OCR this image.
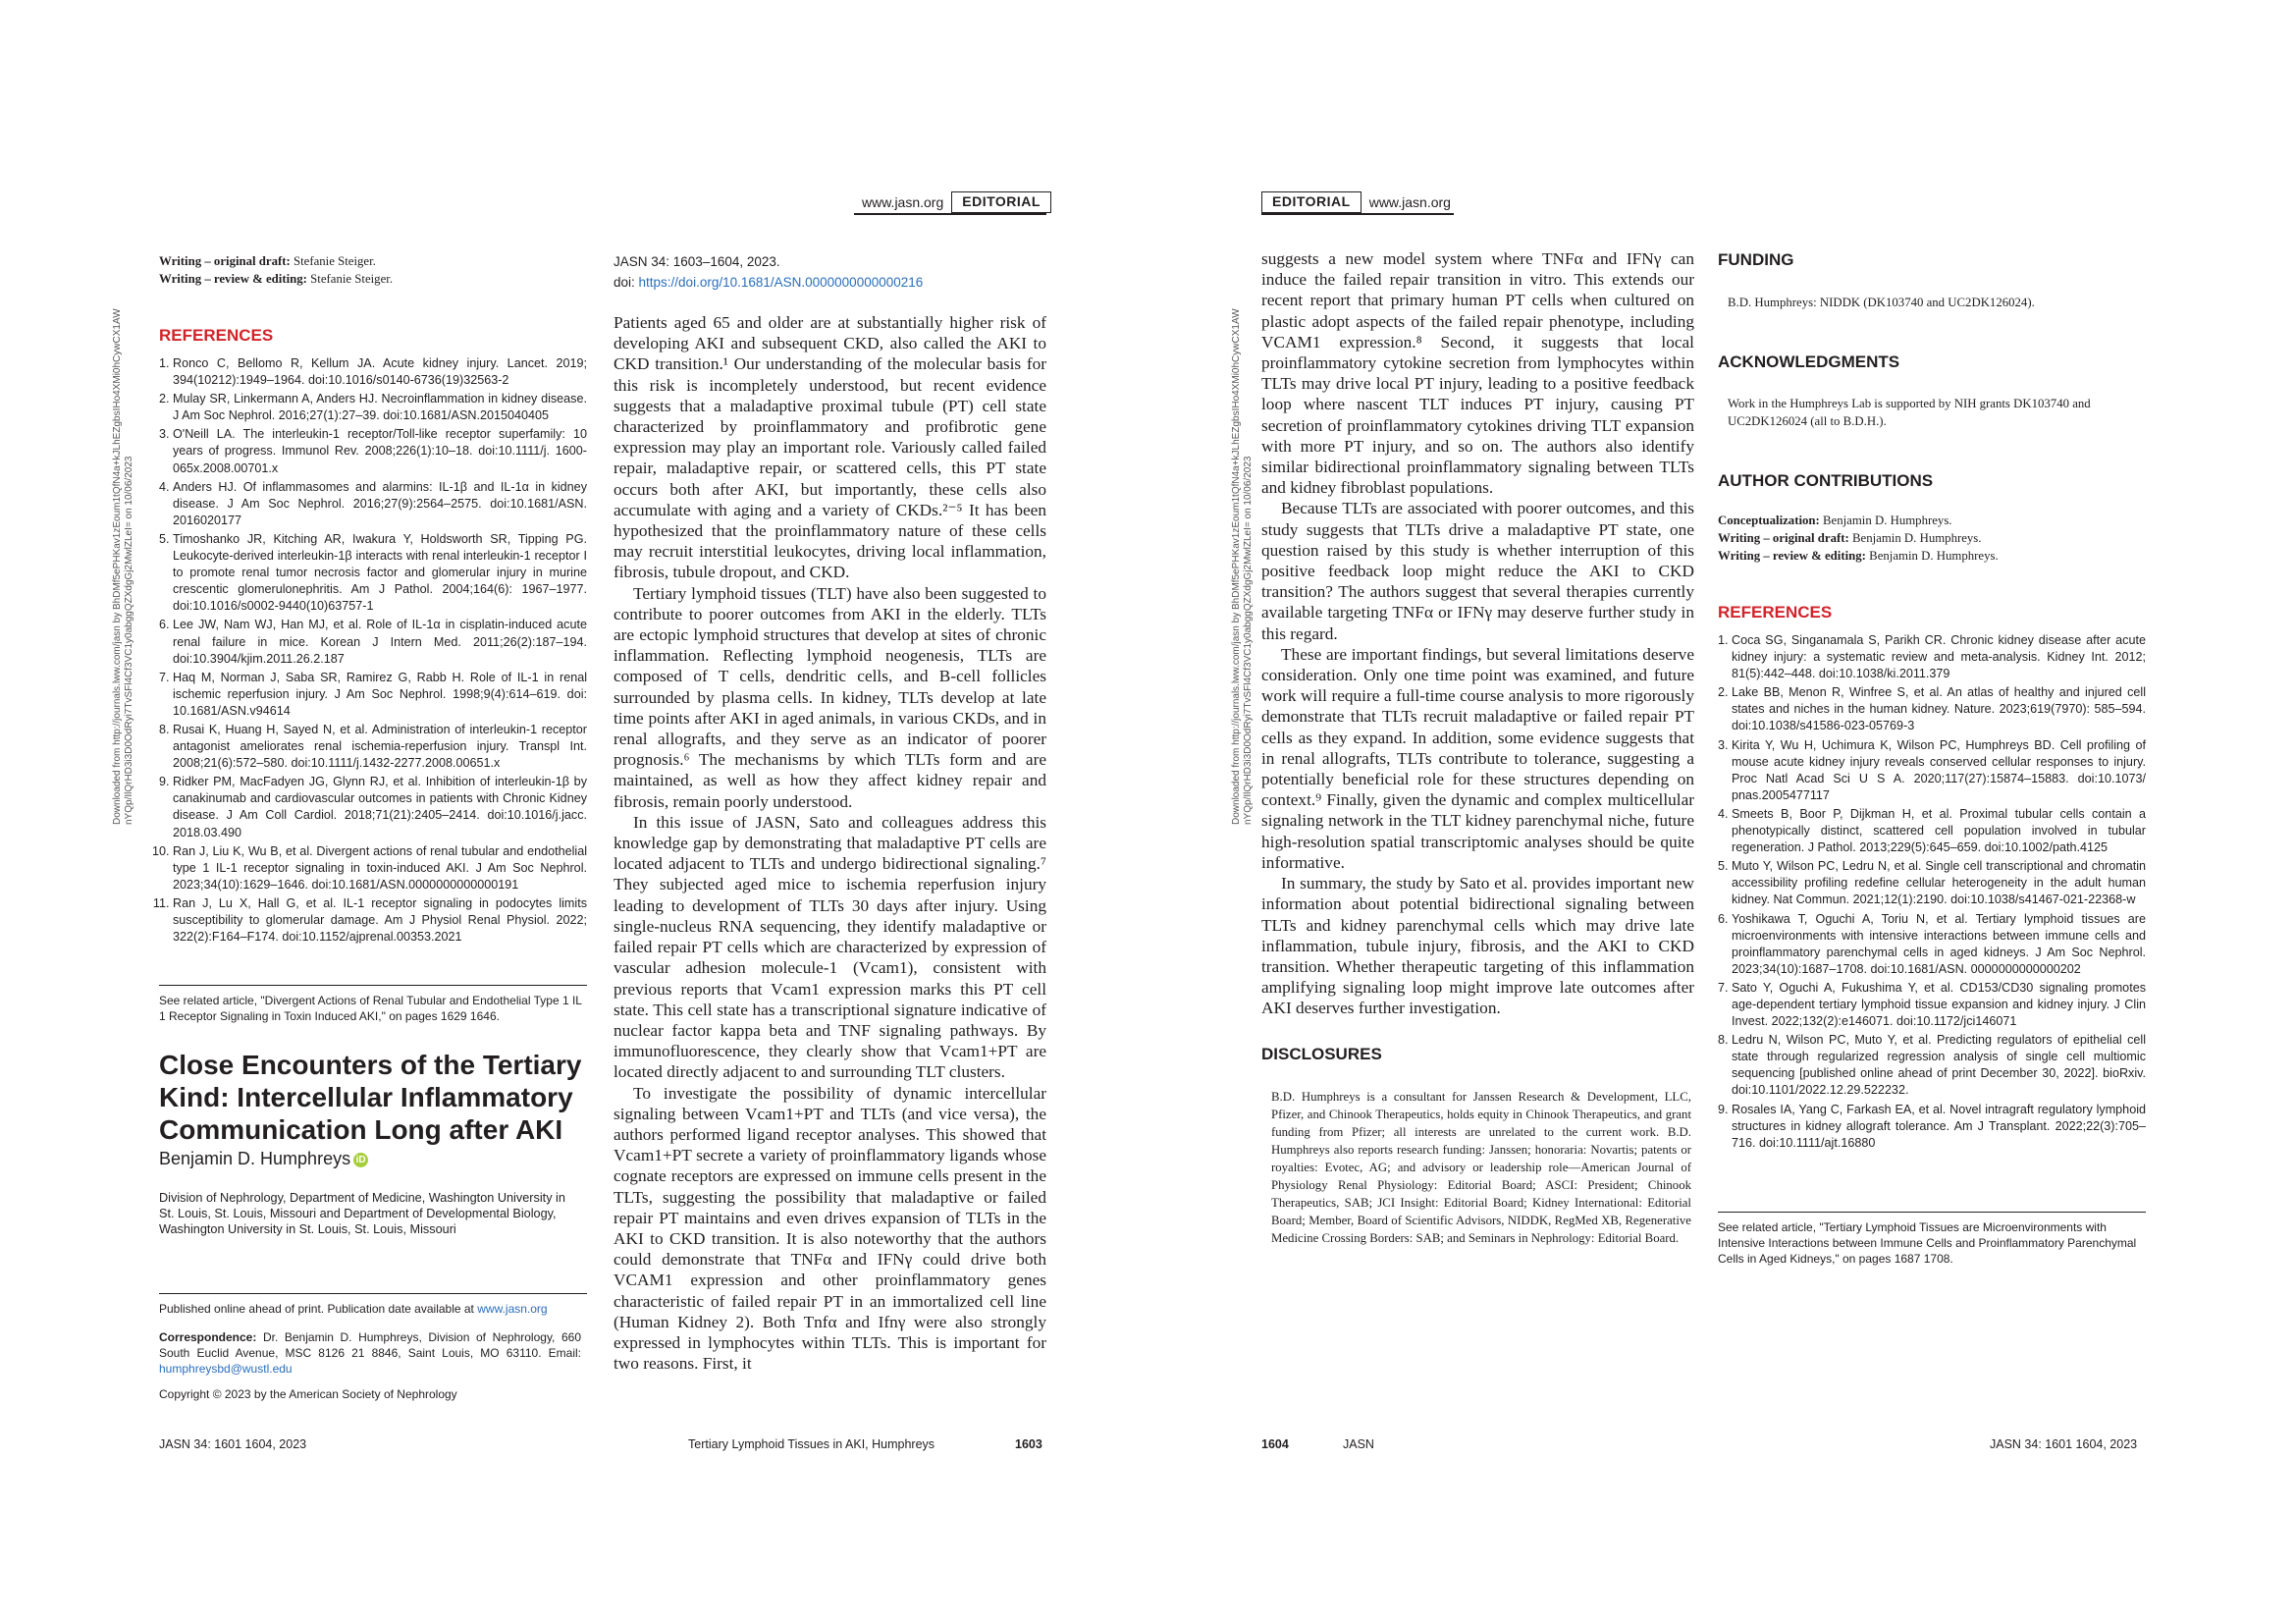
www.jasn.org	EDITORIAL
Downloaded from http://journals.lww.com/jasn by BhDMf5ePHKav1zEoum1tQfN4a+kJLhEZgbsIHo4XMi0hCywCX1AW
nYQp/IlQrHD3i3D0OdRyi7TvSFl4Cf3VC1y0abggQZXdgGj2MwlZLeI= on 10/06/2023
Writing – original draft: Stefanie Steiger.
Writing – review & editing: Stefanie Steiger.
REFERENCES
1. Ronco C, Bellomo R, Kellum JA. Acute kidney injury. Lancet. 2019; 394(10212):1949–1964. doi:10.1016/s0140-6736(19)32563-2
2. Mulay SR, Linkermann A, Anders HJ. Necroinflammation in kidney disease. J Am Soc Nephrol. 2016;27(1):27–39. doi:10.1681/ASN.2015040405
3. O'Neill LA. The interleukin-1 receptor/Toll-like receptor superfamily: 10 years of progress. Immunol Rev. 2008;226(1):10–18. doi:10.1111/j. 1600-065x.2008.00701.x
4. Anders HJ. Of inflammasomes and alarmins: IL-1β and IL-1α in kidney disease. J Am Soc Nephrol. 2016;27(9):2564–2575. doi:10.1681/ASN. 2016020177
5. Timoshanko JR, Kitching AR, Iwakura Y, Holdsworth SR, Tipping PG. Leukocyte-derived interleukin-1β interacts with renal interleukin-1 receptor I to promote renal tumor necrosis factor and glomerular injury in murine crescentic glomerulonephritis. Am J Pathol. 2004;164(6): 1967–1977. doi:10.1016/s0002-9440(10)63757-1
6. Lee JW, Nam WJ, Han MJ, et al. Role of IL-1α in cisplatin-induced acute renal failure in mice. Korean J Intern Med. 2011;26(2):187–194. doi:10.3904/kjim.2011.26.2.187
7. Haq M, Norman J, Saba SR, Ramirez G, Rabb H. Role of IL-1 in renal ischemic reperfusion injury. J Am Soc Nephrol. 1998;9(4):614–619. doi: 10.1681/ASN.v94614
8. Rusai K, Huang H, Sayed N, et al. Administration of interleukin-1 receptor antagonist ameliorates renal ischemia-reperfusion injury. Transpl Int. 2008;21(6):572–580. doi:10.1111/j.1432-2277.2008.00651.x
9. Ridker PM, MacFadyen JG, Glynn RJ, et al. Inhibition of interleukin-1β by canakinumab and cardiovascular outcomes in patients with Chronic Kidney disease. J Am Coll Cardiol. 2018;71(21):2405–2414. doi:10.1016/j.jacc. 2018.03.490
10. Ran J, Liu K, Wu B, et al. Divergent actions of renal tubular and endothelial type 1 IL-1 receptor signaling in toxin-induced AKI. J Am Soc Nephrol. 2023;34(10):1629–1646. doi:10.1681/ASN.0000000000000191
11. Ran J, Lu X, Hall G, et al. IL-1 receptor signaling in podocytes limits susceptibility to glomerular damage. Am J Physiol Renal Physiol. 2022; 322(2):F164–F174. doi:10.1152/ajprenal.00353.2021
See related article, "Divergent Actions of Renal Tubular and Endothelial Type 1 IL 1 Receptor Signaling in Toxin Induced AKI," on pages 1629 1646.
Close Encounters of the Tertiary Kind: Intercellular Inflammatory Communication Long after AKI
Benjamin D. Humphreys iD
Division of Nephrology, Department of Medicine, Washington University in St. Louis, St. Louis, Missouri and Department of Developmental Biology, Washington University in St. Louis, St. Louis, Missouri
Published online ahead of print. Publication date available at www.jasn.org
Correspondence: Dr. Benjamin D. Humphreys, Division of Nephrology, 660 South Euclid Avenue, MSC 8126 21 8846, Saint Louis, MO 63110. Email: humphreysbd@wustl.edu
Copyright © 2023 by the American Society of Nephrology
JASN 34: 1603–1604, 2023.
doi: https://doi.org/10.1681/ASN.0000000000000216

Patients aged 65 and older are at substantially higher risk of developing AKI and subsequent CKD, also called the AKI to CKD transition.¹ Our understanding of the molecular basis for this risk is incompletely understood, but recent evidence suggests that a maladaptive proximal tubule (PT) cell state characterized by proinflammatory and profibrotic gene expression may play an important role. Variously called failed repair, maladaptive repair, or scattered cells, this PT state occurs both after AKI, but importantly, these cells also accumulate with aging and a variety of CKDs.²⁻⁵ It has been hypothesized that the proinflammatory nature of these cells may recruit interstitial leukocytes, driving local inflammation, fibrosis, tubule dropout, and CKD.

Tertiary lymphoid tissues (TLT) have also been suggested to contribute to poorer outcomes from AKI in the elderly. TLTs are ectopic lymphoid structures that develop at sites of chronic inflammation. Reflecting lymphoid neogenesis, TLTs are composed of T cells, dendritic cells, and B-cell follicles surrounded by plasma cells. In kidney, TLTs develop at late time points after AKI in aged animals, in various CKDs, and in renal allografts, and they serve as an indicator of poorer prognosis.⁶ The mechanisms by which TLTs form and are maintained, as well as how they affect kidney repair and fibrosis, remain poorly understood.

In this issue of JASN, Sato and colleagues address this knowledge gap by demonstrating that maladaptive PT cells are located adjacent to TLTs and undergo bidirectional signaling.⁷ They subjected aged mice to ischemia reperfusion injury leading to development of TLTs 30 days after injury. Using single-nucleus RNA sequencing, they identify maladaptive or failed repair PT cells which are characterized by expression of vascular adhesion molecule-1 (Vcam1), consistent with previous reports that Vcam1 expression marks this PT cell state. This cell state has a transcriptional signature indicative of nuclear factor kappa beta and TNF signaling pathways. By immunofluorescence, they clearly show that Vcam1+PT are located directly adjacent to and surrounding TLT clusters.

To investigate the possibility of dynamic intercellular signaling between Vcam1+PT and TLTs (and vice versa), the authors performed ligand receptor analyses. This showed that Vcam1+PT secrete a variety of proinflammatory ligands whose cognate receptors are expressed on immune cells present in the TLTs, suggesting the possibility that maladaptive or failed repair PT maintains and even drives expansion of TLTs in the AKI to CKD transition. It is also noteworthy that the authors could demonstrate that TNFα and IFNγ could drive both VCAM1 expression and other proinflammatory genes characteristic of failed repair PT in an immortalized cell line (Human Kidney 2). Both Tnfα and Ifnγ were also strongly expressed in lymphocytes within TLTs. This is important for two reasons. First, it

JASN 34: 1601 1604, 2023	Tertiary Lymphoid Tissues in AKI, Humphreys	1603
EDITORIAL	www.jasn.org
Downloaded from http://journals.lww.com/jasn by BhDMf5ePHKav1zEoum1tQfN4a+kJLhEZgbsIHo4XMi0hCywCX1AW
nYQp/IlQrHD3i3D0OdRyi7TvSFl4Cf3VC1y0abggQZXdgGj2MwlZLeI= on 10/06/2023

suggests a new model system where TNFα and IFNγ can induce the failed repair transition in vitro. This extends our recent report that primary human PT cells when cultured on plastic adopt aspects of the failed repair phenotype, including VCAM1 expression.⁸ Second, it suggests that local proinflammatory cytokine secretion from lymphocytes within TLTs may drive local PT injury, leading to a positive feedback loop where nascent TLT induces PT injury, causing PT secretion of proinflammatory cytokines driving TLT expansion with more PT injury, and so on. The authors also identify similar bidirectional proinflammatory signaling between TLTs and kidney fibroblast populations.

Because TLTs are associated with poorer outcomes, and this study suggests that TLTs drive a maladaptive PT state, one question raised by this study is whether interruption of this positive feedback loop might reduce the AKI to CKD transition? The authors suggest that several therapies currently available targeting TNFα or IFNγ may deserve further study in this regard.

These are important findings, but several limitations deserve consideration. Only one time point was examined, and future work will require a full-time course analysis to more rigorously demonstrate that TLTs recruit maladaptive or failed repair PT cells as they expand. In addition, some evidence suggests that in renal allografts, TLTs contribute to tolerance, suggesting a potentially beneficial role for these structures depending on context.⁹ Finally, given the dynamic and complex multicellular signaling network in the TLT kidney parenchymal niche, future high-resolution spatial transcriptomic analyses should be quite informative.

In summary, the study by Sato et al. provides important new information about potential bidirectional signaling between TLTs and kidney parenchymal cells which may drive late inflammation, tubule injury, fibrosis, and the AKI to CKD transition. Whether therapeutic targeting of this inflammation amplifying signaling loop might improve late outcomes after AKI deserves further investigation.

DISCLOSURES
B.D. Humphreys is a consultant for Janssen Research & Development, LLC, Pfizer, and Chinook Therapeutics, holds equity in Chinook Therapeutics, and grant funding from Pfizer; all interests are unrelated to the current work. B.D. Humphreys also reports research funding: Janssen; honoraria: Novartis; patents or royalties: Evotec, AG; and advisory or leadership role—American Journal of Physiology Renal Physiology: Editorial Board; ASCI: President; Chinook Therapeutics, SAB; JCI Insight: Editorial Board; Kidney International: Editorial Board; Member, Board of Scientific Advisors, NIDDK, RegMed XB, Regenerative Medicine Crossing Borders: SAB; and Seminars in Nephrology: Editorial Board.
FUNDING
B.D. Humphreys: NIDDK (DK103740 and UC2DK126024).
ACKNOWLEDGMENTS
Work in the Humphreys Lab is supported by NIH grants DK103740 and UC2DK126024 (all to B.D.H.).
AUTHOR CONTRIBUTIONS
Conceptualization: Benjamin D. Humphreys.
Writing – original draft: Benjamin D. Humphreys.
Writing – review & editing: Benjamin D. Humphreys.
REFERENCES
1. Coca SG, Singanamala S, Parikh CR. Chronic kidney disease after acute kidney injury: a systematic review and meta-analysis. Kidney Int. 2012; 81(5):442–448. doi:10.1038/ki.2011.379
2. Lake BB, Menon R, Winfree S, et al. An atlas of healthy and injured cell states and niches in the human kidney. Nature. 2023;619(7970): 585–594. doi:10.1038/s41586-023-05769-3
3. Kirita Y, Wu H, Uchimura K, Wilson PC, Humphreys BD. Cell profiling of mouse acute kidney injury reveals conserved cellular responses to injury. Proc Natl Acad Sci U S A. 2020;117(27):15874–15883. doi:10.1073/ pnas.2005477117
4. Smeets B, Boor P, Dijkman H, et al. Proximal tubular cells contain a phenotypically distinct, scattered cell population involved in tubular regeneration. J Pathol. 2013;229(5):645–659. doi:10.1002/path.4125
5. Muto Y, Wilson PC, Ledru N, et al. Single cell transcriptional and chromatin accessibility profiling redefine cellular heterogeneity in the adult human kidney. Nat Commun. 2021;12(1):2190. doi:10.1038/s41467-021-22368-w
6. Yoshikawa T, Oguchi A, Toriu N, et al. Tertiary lymphoid tissues are microenvironments with intensive interactions between immune cells and proinflammatory parenchymal cells in aged kidneys. J Am Soc Nephrol. 2023;34(10):1687–1708. doi:10.1681/ASN. 0000000000000202
7. Sato Y, Oguchi A, Fukushima Y, et al. CD153/CD30 signaling promotes age-dependent tertiary lymphoid tissue expansion and kidney injury. J Clin Invest. 2022;132(2):e146071. doi:10.1172/jci146071
8. Ledru N, Wilson PC, Muto Y, et al. Predicting regulators of epithelial cell state through regularized regression analysis of single cell multiomic sequencing [published online ahead of print December 30, 2022]. bioRxiv. doi:10.1101/2022.12.29.522232.
9. Rosales IA, Yang C, Farkash EA, et al. Novel intragraft regulatory lymphoid structures in kidney allograft tolerance. Am J Transplant. 2022;22(3):705–716. doi:10.1111/ajt.16880
See related article, "Tertiary Lymphoid Tissues are Microenvironments with Intensive Interactions between Immune Cells and Proinflammatory Parenchymal Cells in Aged Kidneys," on pages 1687 1708.
1604	JASN	JASN 34: 1601 1604, 2023
